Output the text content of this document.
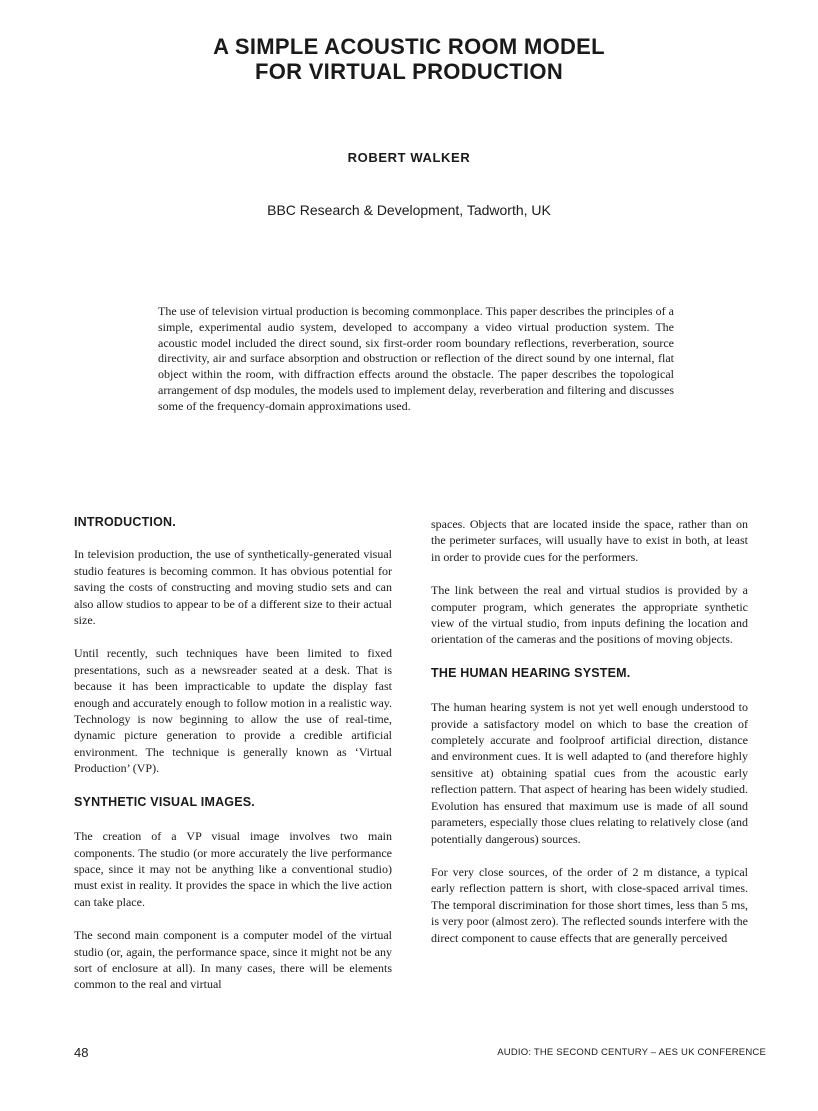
A SIMPLE ACOUSTIC ROOM MODEL
FOR VIRTUAL PRODUCTION

ROBERT WALKER

BBC Research & Development, Tadworth, UK

The use of television virtual production is becoming commonplace. This paper describes the principles of a simple, experimental audio system, developed to accompany a video virtual production system. The acoustic model included the direct sound, six first-order room boundary reflections, reverberation, source directivity, air and surface absorption and obstruction or reflection of the direct sound by one internal, flat object within the room, with diffraction effects around the obstacle. The paper describes the topological arrangement of dsp modules, the models used to implement delay, reverberation and filtering and discusses some of the frequency-domain approximations used.

INTRODUCTION.

In television production, the use of synthetically-generated visual studio features is becoming common. It has obvious potential for saving the costs of constructing and moving studio sets and can also allow studios to appear to be of a different size to their actual size.

Until recently, such techniques have been limited to fixed presentations, such as a newsreader seated at a desk. That is because it has been impracticable to update the display fast enough and accurately enough to follow motion in a realistic way. Technology is now beginning to allow the use of real-time, dynamic picture generation to provide a credible artificial environment. The technique is generally known as ‘Virtual Production’ (VP).

SYNTHETIC VISUAL IMAGES.

The creation of a VP visual image involves two main components. The studio (or more accurately the live performance space, since it may not be anything like a conventional studio) must exist in reality. It provides the space in which the live action can take place.

The second main component is a computer model of the virtual studio (or, again, the performance space, since it might not be any sort of enclosure at all). In many cases, there will be elements common to the real and virtual

spaces. Objects that are located inside the space, rather than on the perimeter surfaces, will usually have to exist in both, at least in order to provide cues for the performers.

The link between the real and virtual studios is provided by a computer program, which generates the appropriate synthetic view of the virtual studio, from inputs defining the location and orientation of the cameras and the positions of moving objects.

THE HUMAN HEARING SYSTEM.

The human hearing system is not yet well enough understood to provide a satisfactory model on which to base the creation of completely accurate and foolproof artificial direction, distance and environment cues. It is well adapted to (and therefore highly sensitive at) obtaining spatial cues from the acoustic early reflection pattern. That aspect of hearing has been widely studied. Evolution has ensured that maximum use is made of all sound parameters, especially those clues relating to relatively close (and potentially dangerous) sources.

For very close sources, of the order of 2 m distance, a typical early reflection pattern is short, with close-spaced arrival times. The temporal discrimination for those short times, less than 5 ms, is very poor (almost zero). The reflected sounds interfere with the direct component to cause effects that are generally perceived

48	AUDIO: THE SECOND CENTURY – AES UK CONFERENCE
